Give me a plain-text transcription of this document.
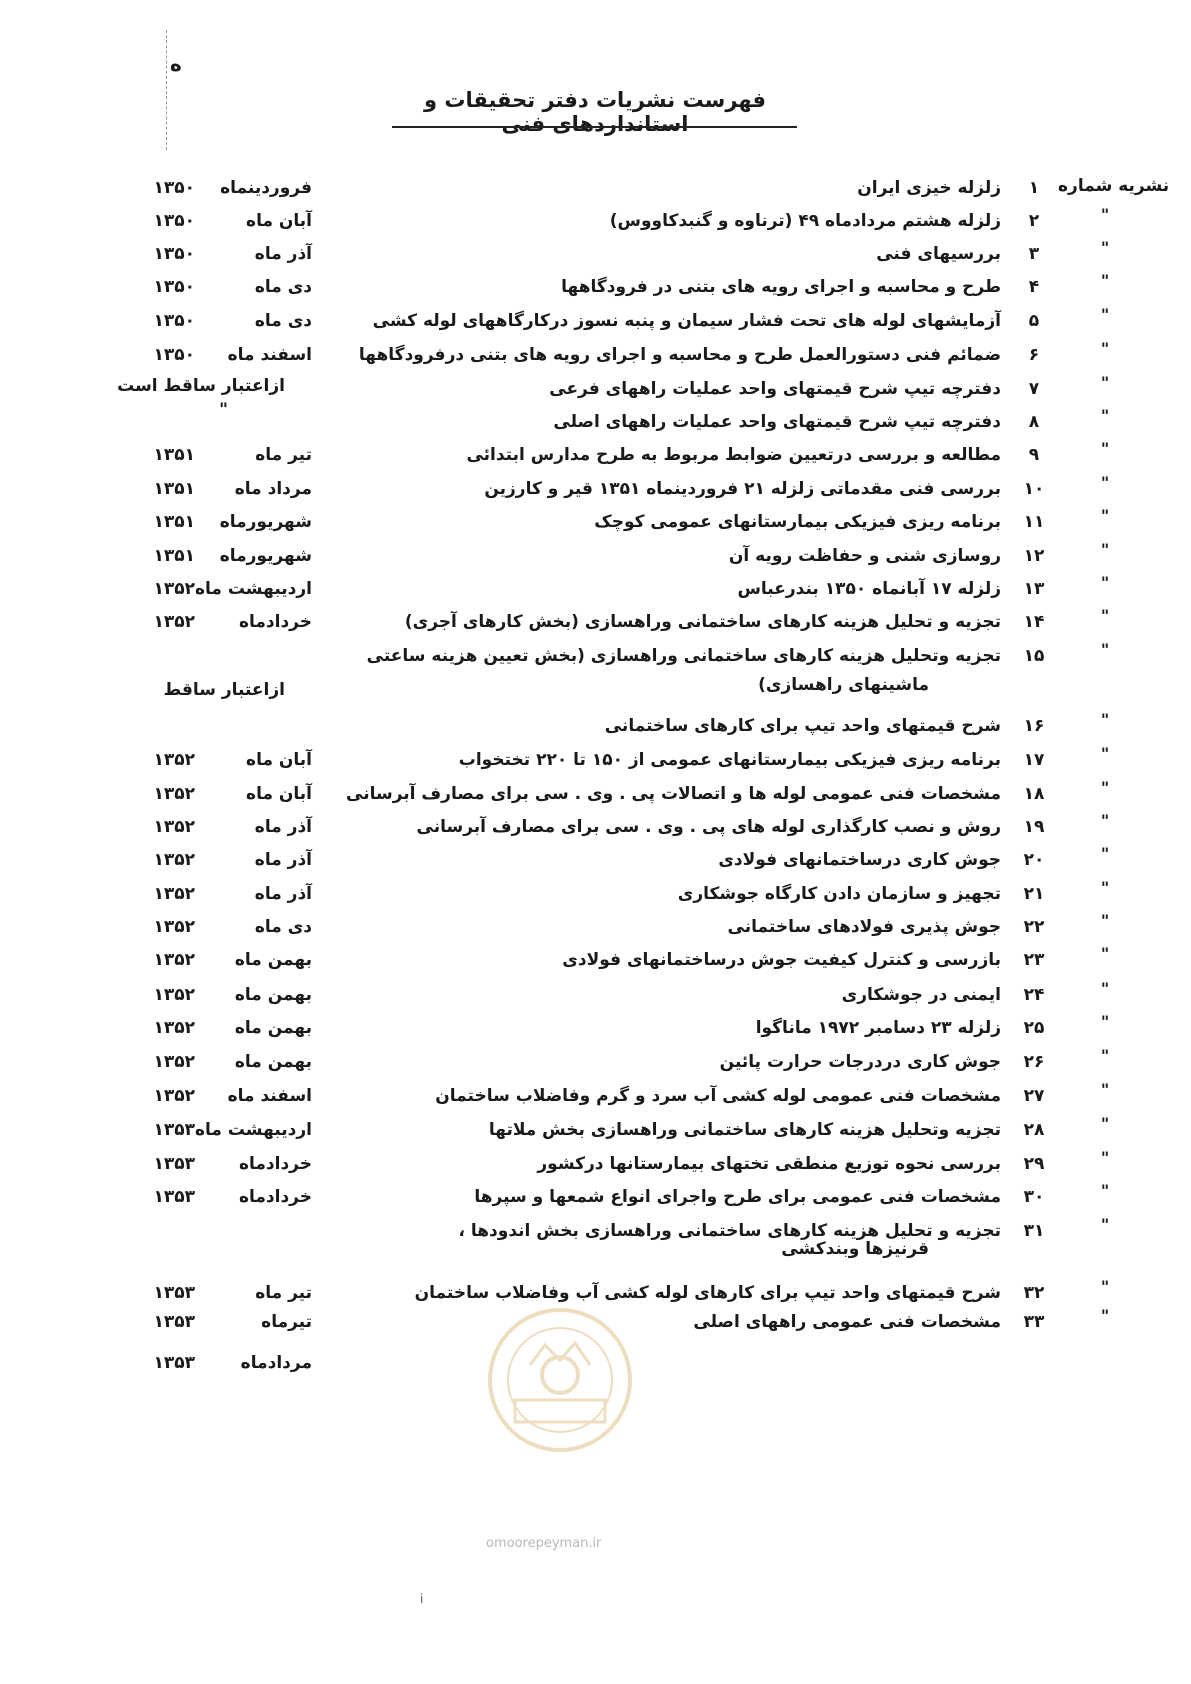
ه
فهرست نشریات دفتر تحقیقات و استانداردهای فنی
نشریه شماره
۱
زلزله خیزی ایران
فروردینماه
۱۳۵۰
"
۲
زلزله هشتم مردادماه ۴۹ (ترناوه و گنبدکاووس)
آبان ماه
۱۳۵۰
"
۳
بررسیهای فنی
آذر ماه
۱۳۵۰
"
۴
طرح و محاسبه و اجرای رویه های بتنی در فرودگاهها
دی ماه
۱۳۵۰
"
۵
آزمایشهای لوله های تحت فشار سیمان و پنبه نسوز درکارگاههای لوله کشی
دی ماه
۱۳۵۰
"
۶
ضمائم فنی دستورالعمل طرح و محاسبه و اجرای رویه های بتنی درفرودگاهها
اسفند ماه
۱۳۵۰
"
۷
دفترچه تیپ شرح قیمتهای واحد عملیات راههای فرعی
"
۸
دفترچه تیپ شرح قیمتهای واحد عملیات راههای اصلی
"
۹
مطالعه و بررسی درتعیین ضوابط مربوط به طرح مدارس ابتدائی
تیر ماه
۱۳۵۱
"
۱۰
بررسی فنی مقدماتی زلزله ۲۱ فروردینماه ۱۳۵۱ قیر و کارزین
مرداد ماه
۱۳۵۱
"
۱۱
برنامه ریزی فیزیکی بیمارستانهای عمومی کوچک
شهریورماه
۱۳۵۱
"
۱۲
روسازی شنی و حفاظت رویه آن
شهریورماه
۱۳۵۱
"
۱۳
زلزله ۱۷ آبانماه ۱۳۵۰ بندرعباس
اردیبهشت ماه
۱۳۵۲
"
۱۴
تجزیه و تحلیل هزینه کارهای ساختمانی وراهسازی (بخش کارهای آجری)
خردادماه
۱۳۵۲
"
۱۵
تجزیه وتحلیل هزینه کارهای ساختمانی وراهسازی (بخش تعیین هزینه ساعتی
"
۱۶
شرح قیمتهای واحد تیپ برای کارهای ساختمانی
"
۱۷
برنامه ریزی فیزیکی بیمارستانهای عمومی از ۱۵۰ تا ۲۲۰ تختخواب
آبان ماه
۱۳۵۲
"
۱۸
مشخصات فنی عمومی لوله ها و اتصالات پی . وی . سی برای مصارف آبرسانی
آبان ماه
۱۳۵۲
"
۱۹
روش و نصب کارگذاری لوله های پی . وی . سی برای مصارف آبرسانی
آذر ماه
۱۳۵۲
"
۲۰
جوش کاری درساختمانهای فولادی
آذر ماه
۱۳۵۲
"
۲۱
تجهیز و سازمان دادن کارگاه جوشکاری
آذر ماه
۱۳۵۲
"
۲۲
جوش پذیری فولادهای ساختمانی
دی ماه
۱۳۵۲
"
۲۳
بازرسی و کنترل کیفیت جوش درساختمانهای فولادی
بهمن ماه
۱۳۵۲
"
۲۴
ایمنی در جوشکاری
بهمن ماه
۱۳۵۲
"
۲۵
زلزله ۲۳ دسامبر ۱۹۷۲ ماناگوا
بهمن ماه
۱۳۵۲
"
۲۶
جوش کاری دردرجات حرارت پائین
بهمن ماه
۱۳۵۲
"
۲۷
مشخصات فنی عمومی لوله کشی آب سرد و گرم وفاضلاب ساختمان
اسفند ماه
۱۳۵۲
"
۲۸
تجزیه وتحلیل هزینه کارهای ساختمانی وراهسازی بخش ملاتها
اردیبهشت ماه
۱۳۵۳
"
۲۹
بررسی نحوه توزیع منطقی تختهای بیمارستانها درکشور
خردادماه
۱۳۵۳
"
۳۰
مشخصات فنی عمومی برای طرح واجرای انواع شمعها و سپرها
خردادماه
۱۳۵۳
"
۳۱
تجزیه و تحلیل هزینه کارهای ساختمانی وراهسازی بخش اندودها ،
"
۳۲
شرح قیمتهای واحد تیپ برای کارهای لوله کشی آب وفاضلاب ساختمان
تیر ماه
۱۳۵۳
"
۳۳
مشخصات فنی عمومی راههای اصلی
تیرماه
۱۳۵۳
مردادماه
۱۳۵۳
ماشینهای راهسازی)
قرنیزها وبندکشی
ازاعتبار ساقط است
"
ازاعتبار ساقط
omoorepeyman.ir
i
